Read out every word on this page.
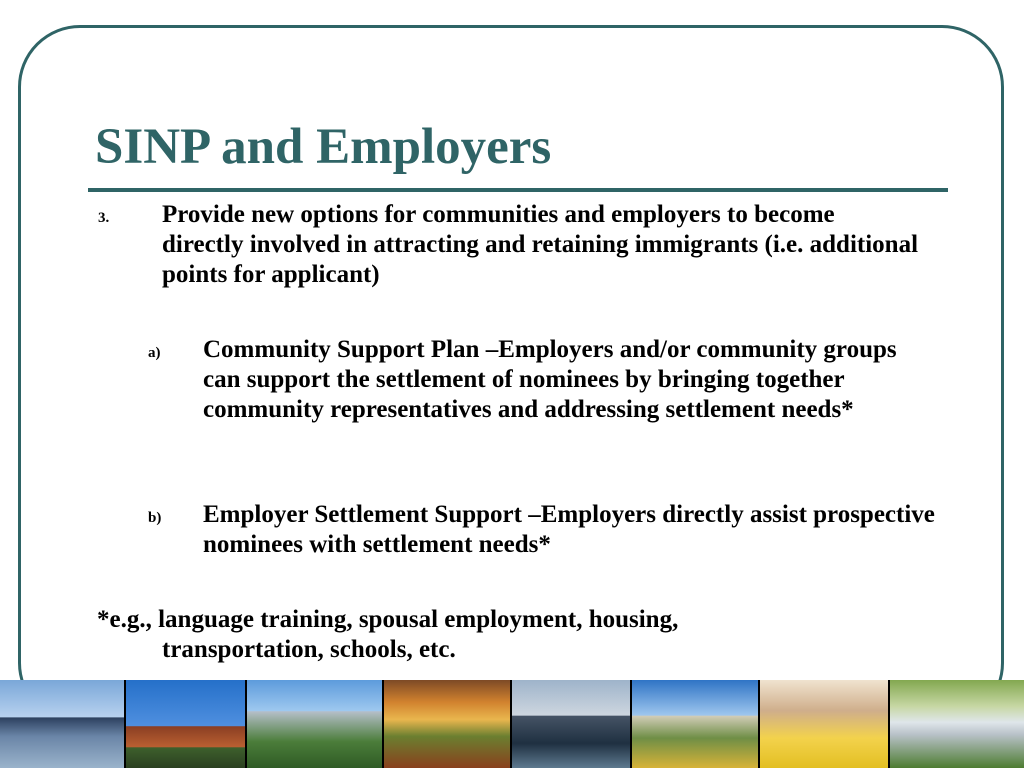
SINP and Employers
3. Provide new options for communities and employers to become directly involved in attracting and retaining immigrants (i.e. additional points for applicant)
a) Community Support Plan –Employers and/or community groups can support the settlement of nominees by bringing together community representatives and addressing settlement needs*
b) Employer Settlement Support –Employers directly assist prospective nominees with settlement needs*
*e.g., language training, spousal employment, housing,
transportation, schools, etc.
